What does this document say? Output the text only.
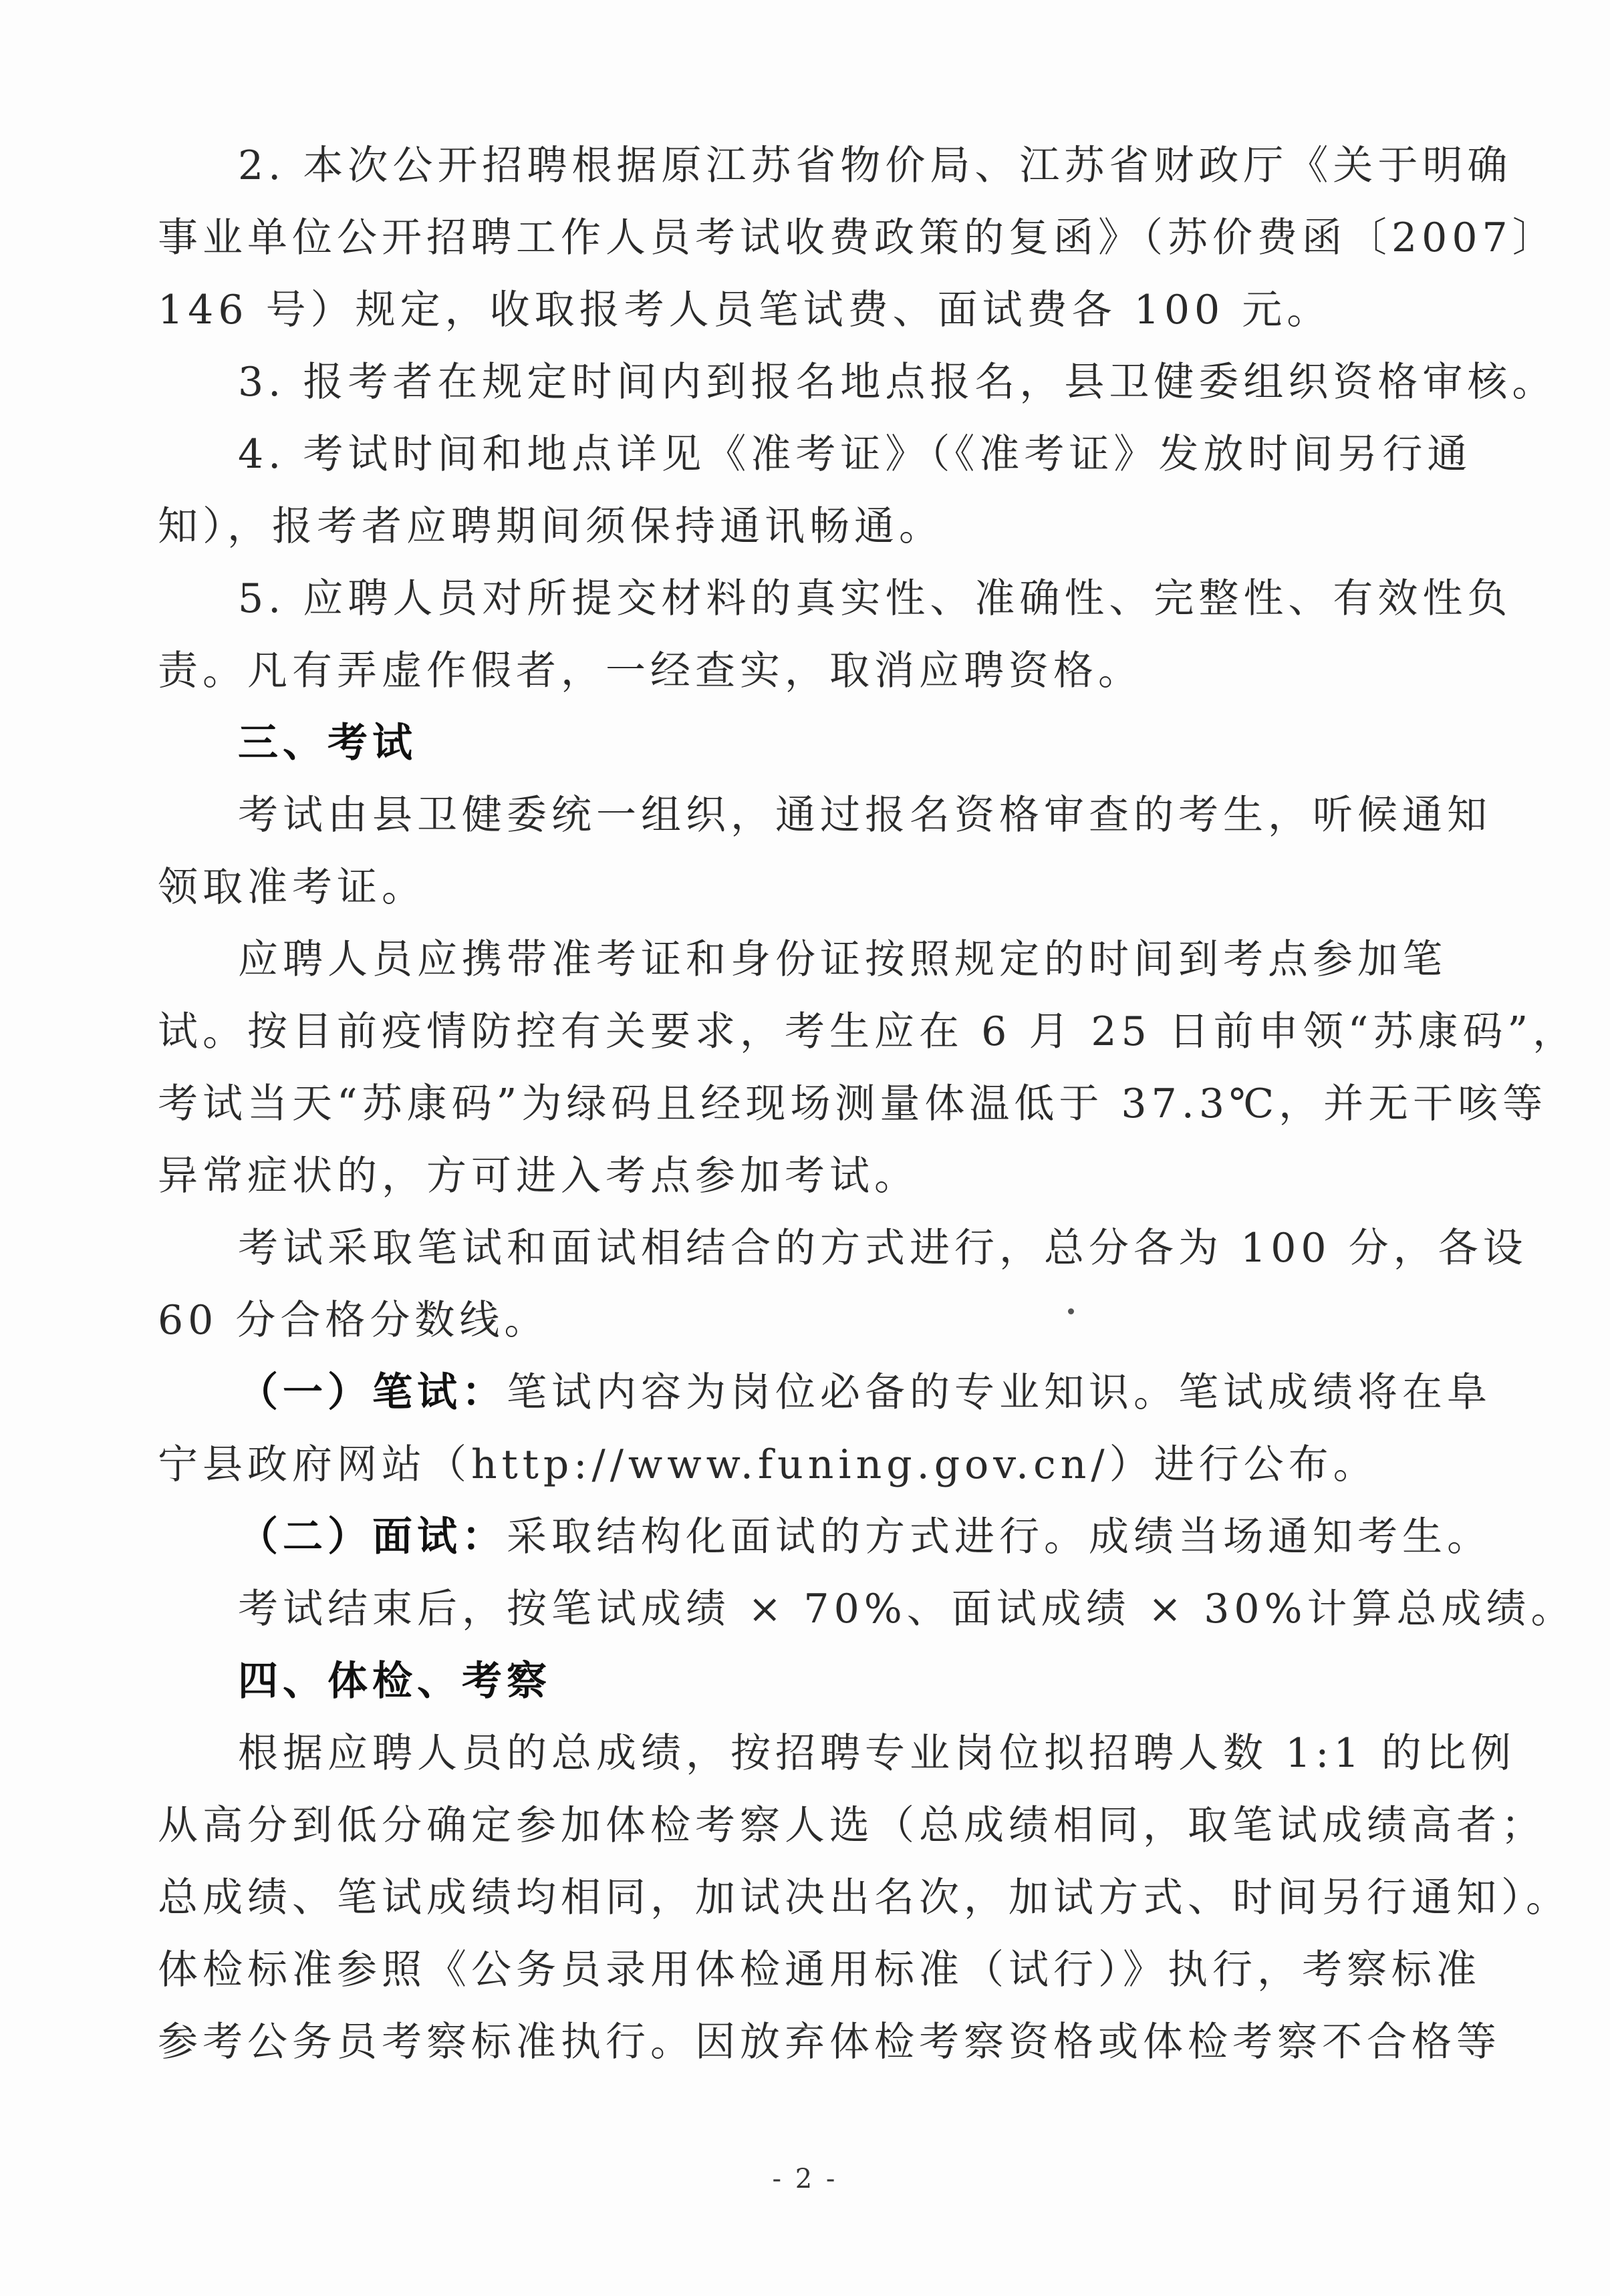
2. 本次公开招聘根据原江苏省物价局、江苏省财政厅《关于明确
事业单位公开招聘工作人员考试收费政策的复函》（苏价费函〔2007〕
146 号）规定，收取报考人员笔试费、面试费各 100 元。
3. 报考者在规定时间内到报名地点报名，县卫健委组织资格审核。
4. 考试时间和地点详见《准考证》（《准考证》发放时间另行通
知），报考者应聘期间须保持通讯畅通。
5. 应聘人员对所提交材料的真实性、准确性、完整性、有效性负
责。凡有弄虚作假者，一经查实，取消应聘资格。
三、考试
考试由县卫健委统一组织，通过报名资格审查的考生，听候通知
领取准考证。
应聘人员应携带准考证和身份证按照规定的时间到考点参加笔
试。按目前疫情防控有关要求，考生应在 6 月 25 日前申领“苏康码”，
考试当天“苏康码”为绿码且经现场测量体温低于 37.3℃，并无干咳等
异常症状的，方可进入考点参加考试。
考试采取笔试和面试相结合的方式进行，总分各为 100 分，各设
60 分合格分数线。
（一）笔试：笔试内容为岗位必备的专业知识。笔试成绩将在阜
宁县政府网站（http://www.funing.gov.cn/）进行公布。
（二）面试：采取结构化面试的方式进行。成绩当场通知考生。
考试结束后，按笔试成绩 × 70%、面试成绩 × 30%计算总成绩。
四、体检、考察
根据应聘人员的总成绩，按招聘专业岗位拟招聘人数 1:1 的比例
从高分到低分确定参加体检考察人选（总成绩相同，取笔试成绩高者；
总成绩、笔试成绩均相同，加试决出名次，加试方式、时间另行通知）。
体检标准参照《公务员录用体检通用标准（试行）》执行，考察标准
参考公务员考察标准执行。因放弃体检考察资格或体检考察不合格等
- 2 -
